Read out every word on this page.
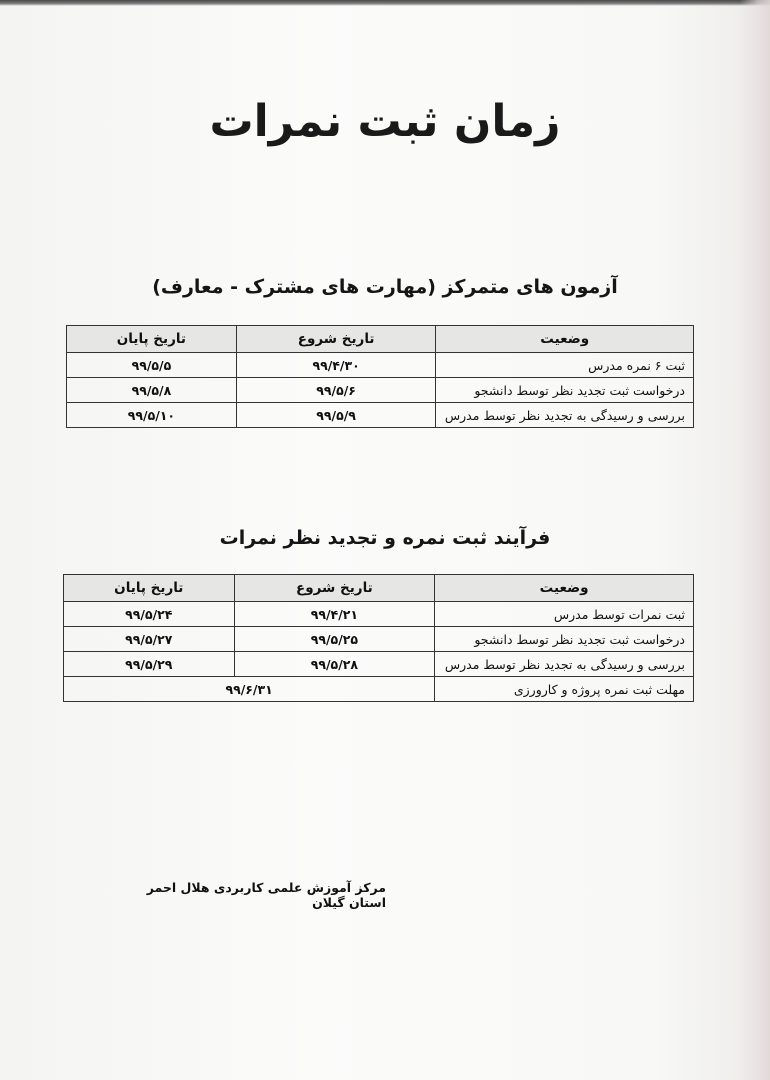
زمان ثبت نمرات
آزمون های متمرکز (مهارت های مشترک - معارف)
وضعیت	تاریخ شروع	تاریخ پایان
ثبت ۶ نمره مدرس	۹۹/۴/۳۰	۹۹/۵/۵
درخواست ثبت تجدید نظر توسط دانشجو	۹۹/۵/۶	۹۹/۵/۸
بررسی و رسیدگی به تجدید نظر توسط مدرس	۹۹/۵/۹	۹۹/۵/۱۰
فرآیند ثبت نمره و تجدید نظر نمرات
وضعیت	تاریخ شروع	تاریخ پایان
ثبت نمرات توسط مدرس	۹۹/۴/۲۱	۹۹/۵/۲۴
درخواست ثبت تجدید نظر توسط دانشجو	۹۹/۵/۲۵	۹۹/۵/۲۷
بررسی و رسیدگی به تجدید نظر توسط مدرس	۹۹/۵/۲۸	۹۹/۵/۲۹
مهلت ثبت نمره پروژه و کارورزی	۹۹/۶/۳۱	
مرکز آموزش علمی کاربردی هلال احمر استان گیلان
